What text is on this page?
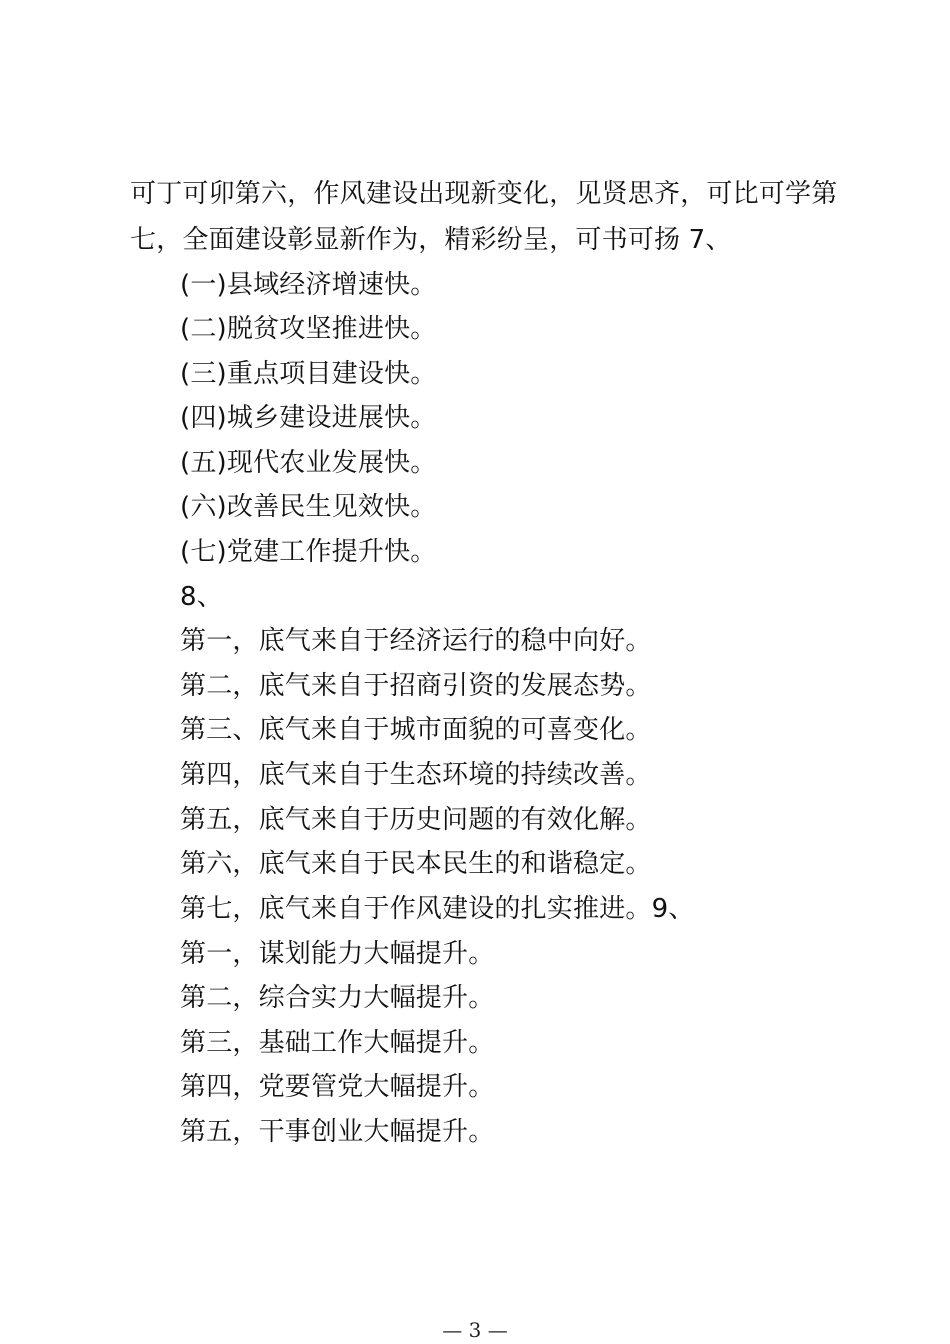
可丁可卯第六，作风建设出现新变化，见贤思齐，可比可学第
七，全面建设彰显新作为，精彩纷呈，可书可扬 7、
(一)县域经济增速快。
(二)脱贫攻坚推进快。
(三)重点项目建设快。
(四)城乡建设进展快。
(五)现代农业发展快。
(六)改善民生见效快。
(七)党建工作提升快。
8、
第一，底气来自于经济运行的稳中向好。
第二，底气来自于招商引资的发展态势。
第三、底气来自于城市面貌的可喜变化。
第四，底气来自于生态环境的持续改善。
第五，底气来自于历史问题的有效化解。
第六，底气来自于民本民生的和谐稳定。
第七，底气来自于作风建设的扎实推进。9、
第一，谋划能力大幅提升。
第二，综合实力大幅提升。
第三，基础工作大幅提升。
第四，党要管党大幅提升。
第五，干事创业大幅提升。
— 3 —
